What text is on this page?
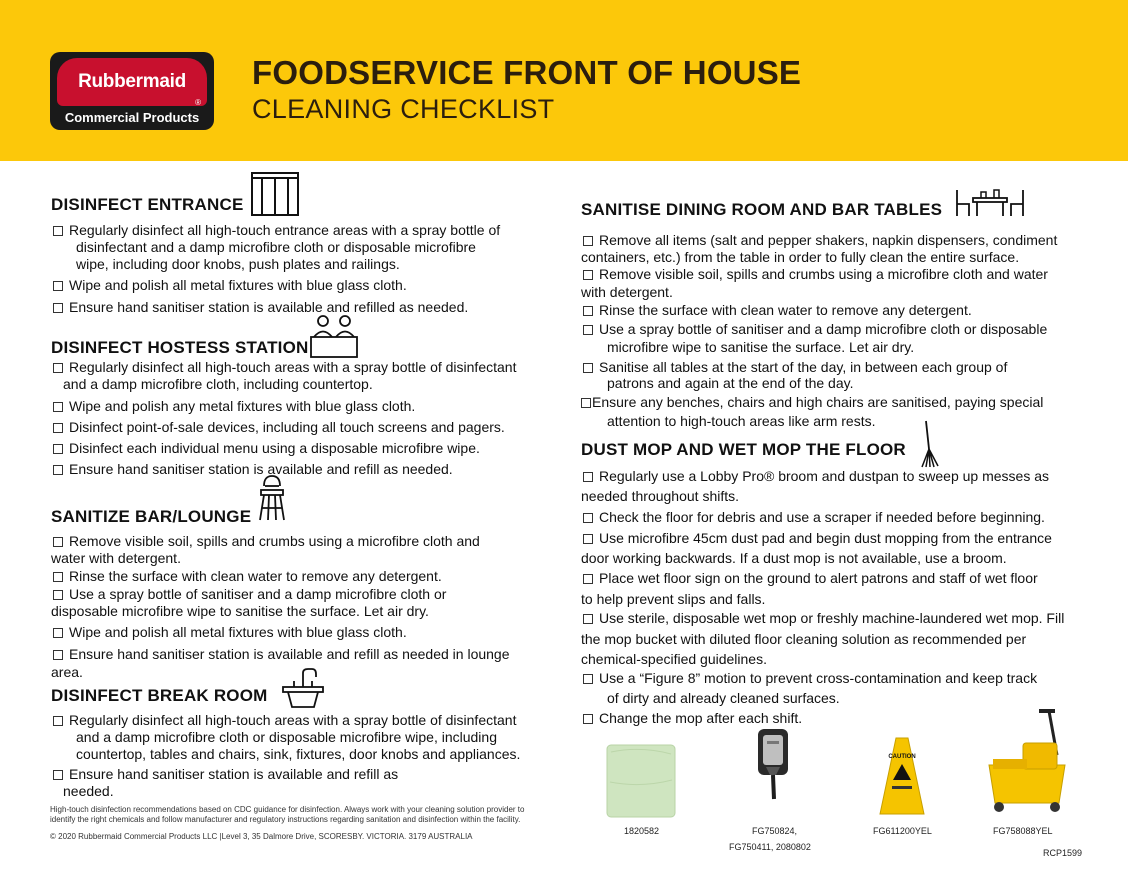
Rubbermaid
®
Commercial Products
FOODSERVICE FRONT OF HOUSE
CLEANING CHECKLIST
DISINFECT ENTRANCE
Regularly disinfect all high-touch entrance areas with a spray bottle of
disinfectant and a damp microfibre cloth or disposable microfibre
wipe, including door knobs, push plates and railings.
Wipe and polish all metal fixtures with blue glass cloth.
Ensure hand sanitiser station is available and refilled as needed.
DISINFECT HOSTESS STATION
Regularly disinfect all high-touch areas with a spray bottle of disinfectant
and a damp microfibre cloth, including countertop.
Wipe and polish any metal fixtures with blue glass cloth.
Disinfect point-of-sale devices, including all touch screens and pagers.
Disinfect each individual menu using a disposable microfibre wipe.
Ensure hand sanitiser station is available and refill as needed.
SANITIZE BAR/LOUNGE
Remove visible soil, spills and crumbs using a microfibre cloth and
water with detergent.
Rinse the surface with clean water to remove any detergent.
Use a spray bottle of sanitiser and a damp microfibre cloth or
disposable microfibre wipe to sanitise the surface. Let air dry.
Wipe and polish all metal fixtures with blue glass cloth.
Ensure hand sanitiser station is available and refill as needed in lounge
area.
DISINFECT BREAK ROOM
Regularly disinfect all high-touch areas with a spray bottle of disinfectant
and a damp microfibre cloth or disposable microfibre wipe, including
countertop, tables and chairs, sink, fixtures, door knobs and appliances.
Ensure hand sanitiser station is available and refill as
needed.
High-touch disinfection recommendations based on CDC guidance for disinfection. Always work with your cleaning solution provider to
identify the right chemicals and follow manufacturer and regulatory instructions regarding sanitation and disinfection within the facility.
© 2020 Rubbermaid Commercial Products LLC |Level 3, 35 Dalmore Drive, SCORESBY. VICTORIA. 3179 AUSTRALIA
SANITISE DINING ROOM AND BAR TABLES
Remove all items (salt and pepper shakers, napkin dispensers, condiment
containers, etc.) from the table in order to fully clean the entire surface.
Remove visible soil, spills and crumbs using a microfibre cloth and water
with detergent.
Rinse the surface with clean water to remove any detergent.
Use a spray bottle of sanitiser and a damp microfibre cloth or disposable
microfibre wipe to sanitise the surface. Let air dry.
Sanitise all tables at the start of the day, in between each group of
patrons and again at the end of the day.
Ensure any benches, chairs and high chairs are sanitised, paying special
attention to high-touch areas like arm rests.
DUST MOP AND WET MOP THE FLOOR
Regularly use a Lobby Pro® broom and dustpan to sweep up messes as
needed throughout shifts.
Check the floor for debris and use a scraper if needed before beginning.
Use microfibre 45cm dust pad and begin dust mopping from the entrance
door working backwards. If a dust mop is not available, use a broom.
Place wet floor sign on the ground to alert patrons and staff of wet floor
to help prevent slips and falls.
Use sterile, disposable wet mop or freshly machine-laundered wet mop. Fill
the mop bucket with diluted floor cleaning solution as recommended per
chemical-specified guidelines.
Use a “Figure 8” motion to prevent cross-contamination and keep track
of dirty and already cleaned surfaces.
Change the mop after each shift.
1820582	FG750824,
FG750411, 2080802
CAUTION
FG611200YEL	FG758088YEL
RCP1599
